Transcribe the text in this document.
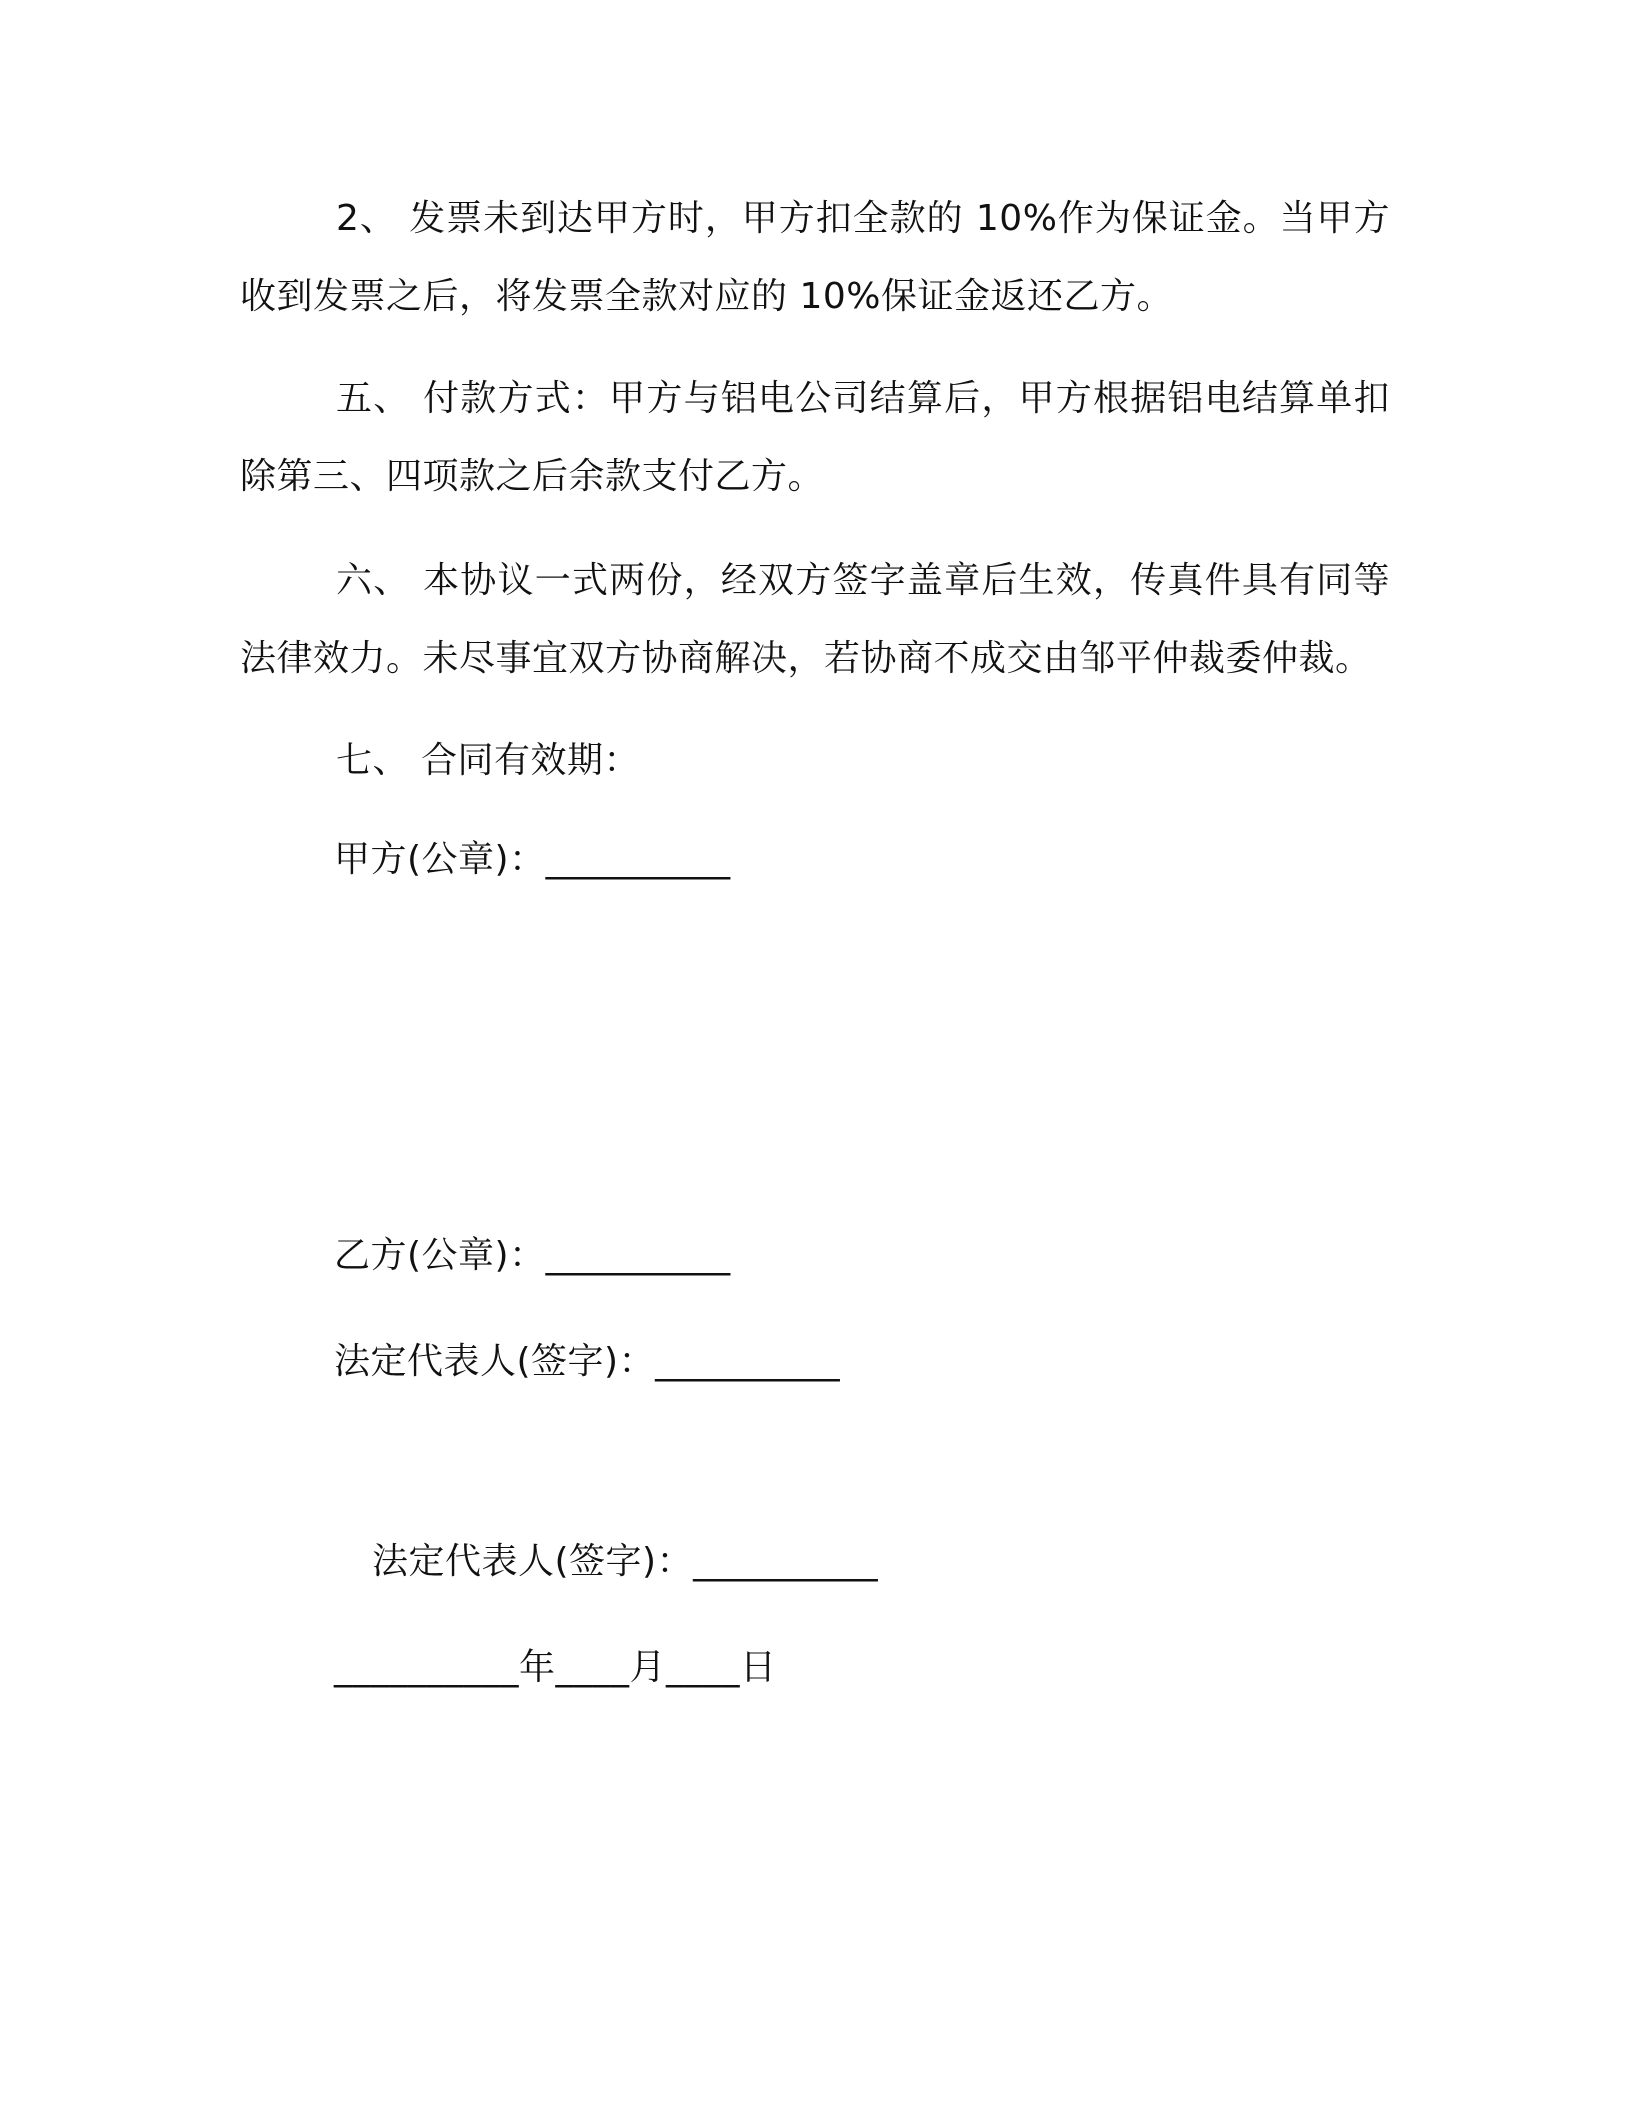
2、 发票未到达甲方时，甲方扣全款的 10%作为保证金。当甲方收到发票之后，将发票全款对应的 10%保证金返还乙方。

五、 付款方式：甲方与铝电公司结算后，甲方根据铝电结算单扣除第三、四项款之后余款支付乙方。

六、 本协议一式两份，经双方签字盖章后生效，传真件具有同等法律效力。未尽事宜双方协商解决，若协商不成交由邹平仲裁委仲裁。

七、 合同有效期：

甲方(公章)：__________

乙方(公章)：__________

法定代表人(签字)：__________

法定代表人(签字)：__________

__________年____月____日
